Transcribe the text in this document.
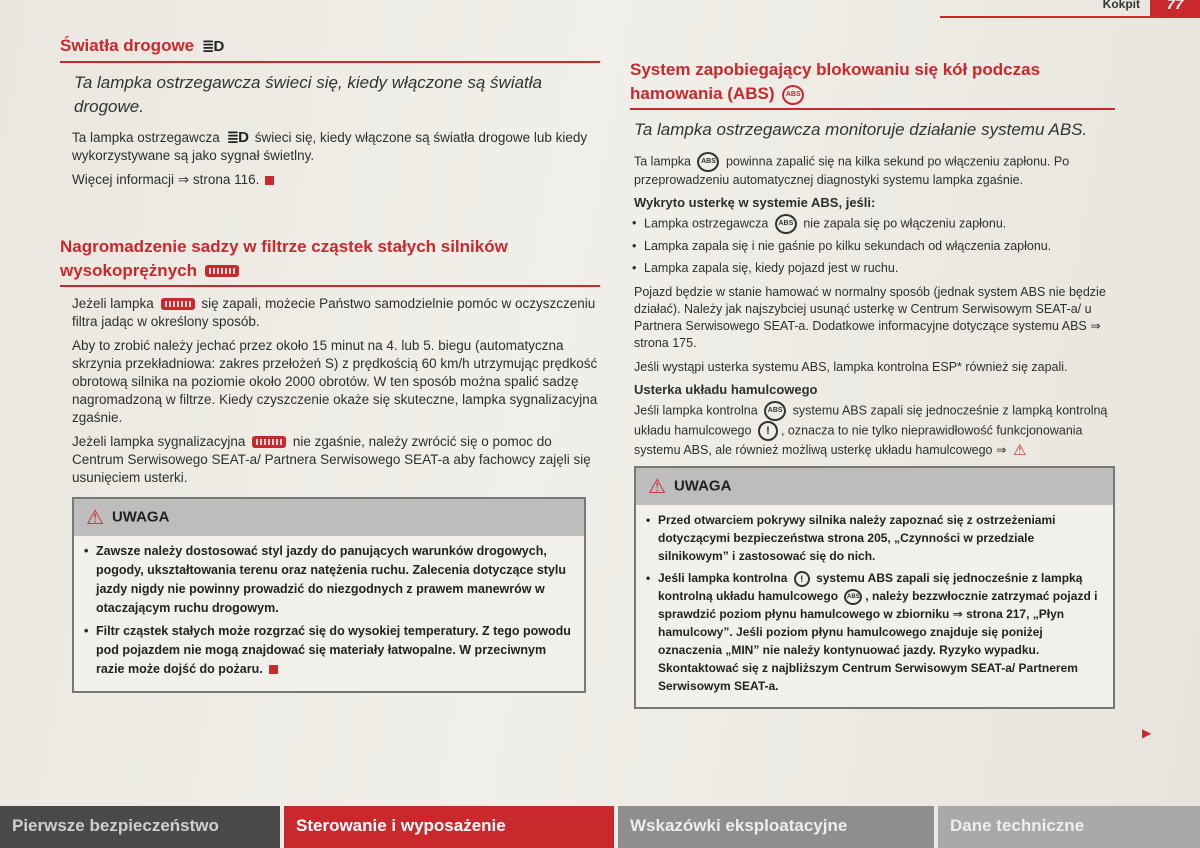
Kokpit	77
Światła drogowe ≣D
Ta lampka ostrzegawcza świeci się, kiedy włączone są światła drogowe.

Ta lampka ostrzegawcza ≣D świeci się, kiedy włączone są światła drogowe lub kiedy wykorzystywane są jako sygnał świetlny.

Więcej informacji ⇒ strona 116.

Nagromadzenie sadzy w filtrze cząstek stałych silników wysokoprężnych

Jeżeli lampka	się zapali, możecie Państwo samodzielnie pomóc w oczyszczeniu filtra jadąc w określony sposób.

Aby to zrobić należy jechać przez około 15 minut na 4. lub 5. biegu (automatyczna skrzynia przekładniowa: zakres przełożeń S) z prędkością 60 km/h utrzymując prędkość obrotową silnika na poziomie około 2000 obrotów. W ten sposób można spalić sadzę nagromadzoną w filtrze. Kiedy czyszczenie okaże się skuteczne, lampka sygnalizacyjna zgaśnie.

Jeżeli lampka sygnalizacyjna	nie zgaśnie, należy zwrócić się o pomoc do Centrum Serwisowego SEAT-a/ Partnera Serwisowego SEAT-a aby fachowcy zajęli się usunięciem usterki.

⚠ UWAGA
• Zawsze należy dostosować styl jazdy do panujących warunków drogowych, pogody, ukształtowania terenu oraz natężenia ruchu. Zalecenia dotyczące stylu jazdy nigdy nie powinny prowadzić do niezgodnych z prawem manewrów w otaczającym ruchu drogowym.
• Filtr cząstek stałych może rozgrzać się do wysokiej temperatury. Z tego powodu pod pojazdem nie mogą znajdować się materiały łatwopalne. W przeciwnym razie może dojść do pożaru.
System zapobiegający blokowaniu się kół podczas hamowania (ABS) ABS
Ta lampka ostrzegawcza monitoruje działanie systemu ABS.

Ta lampka ABS powinna zapalić się na kilka sekund po włączeniu zapłonu. Po przeprowadzeniu automatycznej diagnostyki systemu lampka zgaśnie.

Wykryto usterkę w systemie ABS, jeśli:

• Lampka ostrzegawcza ABS nie zapala się po włączeniu zapłonu.
• Lampka zapala się i nie gaśnie po kilku sekundach od włączenia zapłonu.
• Lampka zapala się, kiedy pojazd jest w ruchu.

Pojazd będzie w stanie hamować w normalny sposób (jednak system ABS nie będzie działać). Należy jak najszybciej usunąć usterkę w Centrum Serwisowym SEAT-a/ u Partnera Serwisowego SEAT-a. Dodatkowe informacyjne dotyczące systemu ABS ⇒ strona 175.

Jeśli wystąpi usterka systemu ABS, lampka kontrolna ESP* również się zapali.

Usterka układu hamulcowego

Jeśli lampka kontrolna ABS systemu ABS zapali się jednocześnie z lampką kontrolną układu hamulcowego ! , oznacza to nie tylko nieprawidłowość funkcjonowania systemu ABS, ale również możliwą usterkę układu hamulcowego ⇒ ⚠

⚠ UWAGA
• Przed otwarciem pokrywy silnika należy zapoznać się z ostrzeżeniami dotyczącymi bezpieczeństwa strona 205, „Czynności w przedziale silnikowym” i zastosować się do nich.
• Jeśli lampka kontrolna ! systemu ABS zapali się jednocześnie z lampką kontrolną układu hamulcowego ABS , należy bezzwłocznie zatrzymać pojazd i sprawdzić poziom płynu hamulcowego w zbiorniku ⇒ strona 217, „Płyn hamulcowy”. Jeśli poziom płynu hamulcowego znajduje się poniżej oznaczenia „MIN” nie należy kontynuować jazdy. Ryzyko wypadku. Skontaktować się z najbliższym Centrum Serwisowym SEAT-a/ Partnerem Serwisowym SEAT-a.
▶
Pierwsze bezpieczeństwo	Sterowanie i wyposażenie	Wskazówki eksploatacyjne	Dane techniczne
